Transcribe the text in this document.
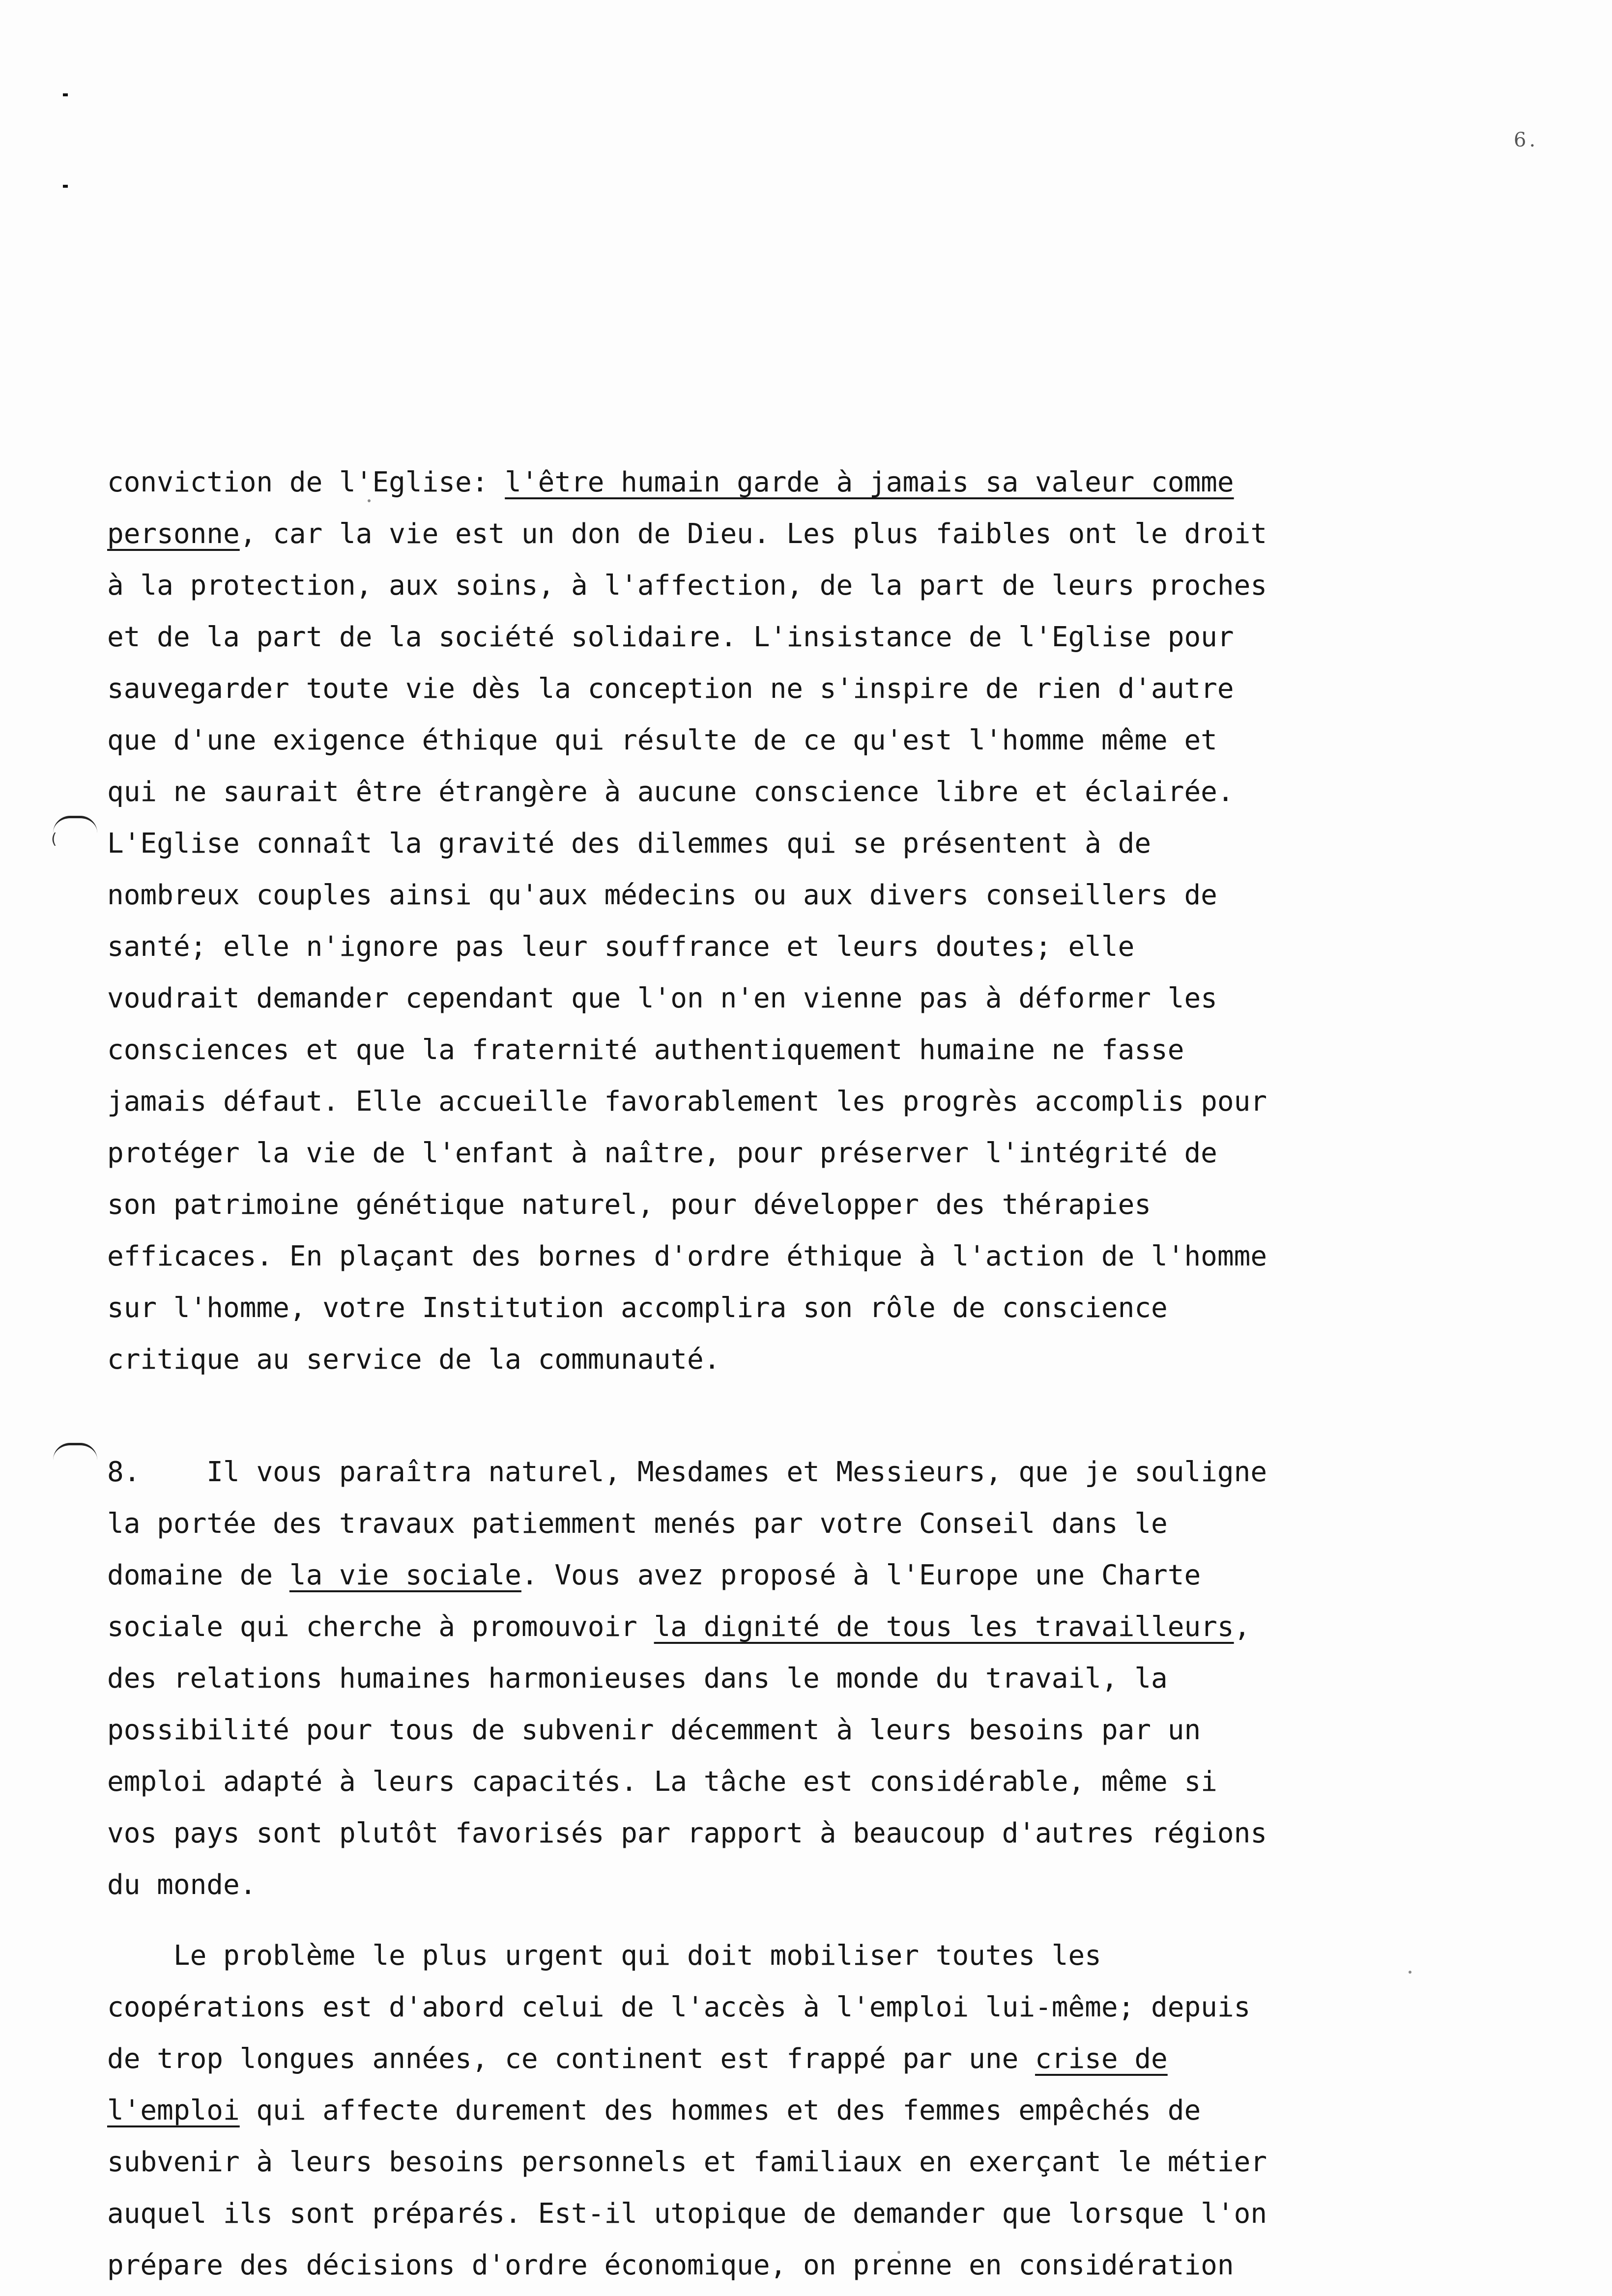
6.
(

conviction de l'Eglise: l'être humain garde à jamais sa valeur comme
personne, car la vie est un don de Dieu. Les plus faibles ont le droit
à la protection, aux soins, à l'affection, de la part de leurs proches
et de la part de la société solidaire. L'insistance de l'Eglise pour
sauvegarder toute vie dès la conception ne s'inspire de rien d'autre
que d'une exigence éthique qui résulte de ce qu'est l'homme même et
qui ne saurait être étrangère à aucune conscience libre et éclairée.
L'Eglise connaît la gravité des dilemmes qui se présentent à de
nombreux couples ainsi qu'aux médecins ou aux divers conseillers de
santé; elle n'ignore pas leur souffrance et leurs doutes; elle
voudrait demander cependant que l'on n'en vienne pas à déformer les
consciences et que la fraternité authentiquement humaine ne fasse
jamais défaut. Elle accueille favorablement les progrès accomplis pour
protéger la vie de l'enfant à naître, pour préserver l'intégrité de
son patrimoine génétique naturel, pour développer des thérapies
efficaces. En plaçant des bornes d'ordre éthique à l'action de l'homme
sur l'homme, votre Institution accomplira son rôle de conscience
critique au service de la communauté.

8. Il vous paraîtra naturel, Mesdames et Messieurs, que je souligne
la portée des travaux patiemment menés par votre Conseil dans le
domaine de la vie sociale. Vous avez proposé à l'Europe une Charte
sociale qui cherche à promouvoir la dignité de tous les travailleurs,
des relations humaines harmonieuses dans le monde du travail, la
possibilité pour tous de subvenir décemment à leurs besoins par un
emploi adapté à leurs capacités. La tâche est considérable, même si
vos pays sont plutôt favorisés par rapport à beaucoup d'autres régions
du monde.

Le problème le plus urgent qui doit mobiliser toutes les
coopérations est d'abord celui de l'accès à l'emploi lui-même; depuis
de trop longues années, ce continent est frappé par une crise de
l'emploi qui affecte durement des hommes et des femmes empêchés de
subvenir à leurs besoins personnels et familiaux en exerçant le métier
auquel ils sont préparés. Est-il utopique de demander que lorsque l'on
prépare des décisions d'ordre économique, on prenne en considération
